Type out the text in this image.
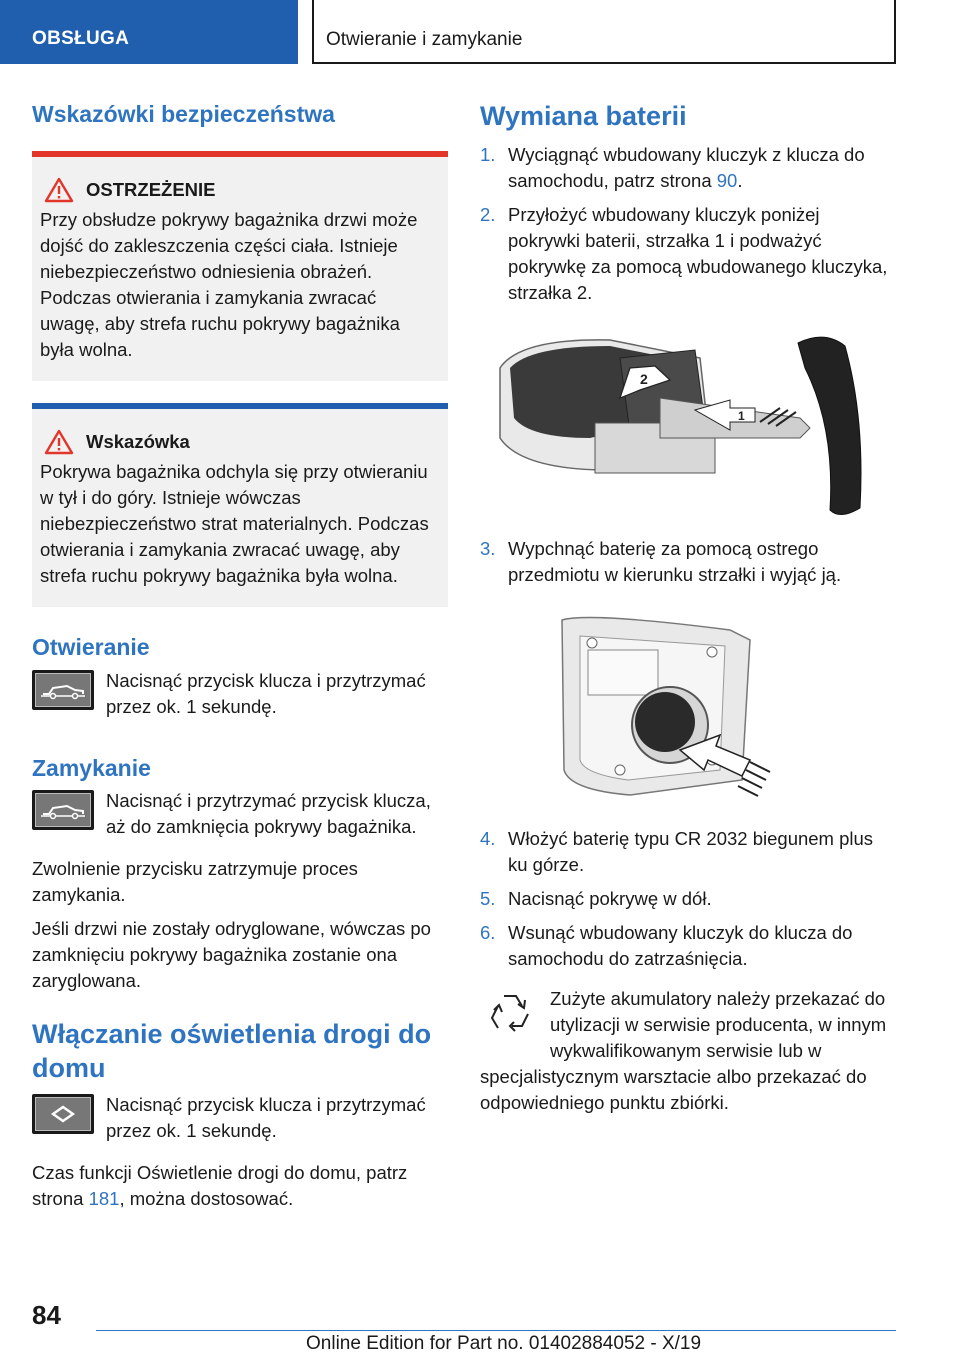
OBSŁUGA	Otwieranie i zamykanie
Wskazówki bezpieczeństwa
OSTRZEŻENIE

Przy obsłudze pokrywy bagażnika drzwi może dojść do zakleszczenia części ciała. Istnieje niebezpieczeństwo odniesienia obrażeń. Podczas otwierania i zamykania zwracać uwagę, aby strefa ruchu pokrywy bagażnika była wolna.

Wskazówka

Pokrywa bagażnika odchyla się przy otwieraniu w tył i do góry. Istnieje wówczas niebezpieczeństwo strat materialnych. Podczas otwierania i zamykania zwracać uwagę, aby strefa ruchu pokrywy bagażnika była wolna.

Otwieranie

Nacisnąć przycisk klucza i przytrzymać przez ok. 1 sekundę.

Zamykanie

Nacisnąć i przytrzymać przycisk klucza, aż do zamknięcia pokrywy bagażnika.

Zwolnienie przycisku zatrzymuje proces zamykania.

Jeśli drzwi nie zostały odryglowane, wówczas po zamknięciu pokrywy bagażnika zostanie ona zaryglowana.

Włączanie oświetlenia drogi do domu

Nacisnąć przycisk klucza i przytrzymać przez ok. 1 sekundę.

Czas funkcji Oświetlenie drogi do domu, patrz strona 181, można dostosować.

Wymiana baterii
1. Wyciągnąć wbudowany kluczyk z klucza do samochodu, patrz strona 90.
2. Przyłożyć wbudowany kluczyk poniżej pokrywki baterii, strzałka 1 i podważyć pokrywkę za pomocą wbudowanego kluczyka, strzałka 2.
2
1
3. Wypchnąć baterię za pomocą ostrego przedmiotu w kierunku strzałki i wyjąć ją.
4. Włożyć baterię typu CR 2032 biegunem plus ku górze.
5. Nacisnąć pokrywę w dół.
6. Wsunąć wbudowany kluczyk do klucza do samochodu do zatrzaśnięcia.

Zużyte akumulatory należy przekazać do utylizacji w serwisie producenta, w innym wykwalifikowanym serwisie lub w specjalistycznym warsztacie albo przekazać do odpowiedniego punktu zbiórki.

84
Online Edition for Part no. 01402884052 - X/19
